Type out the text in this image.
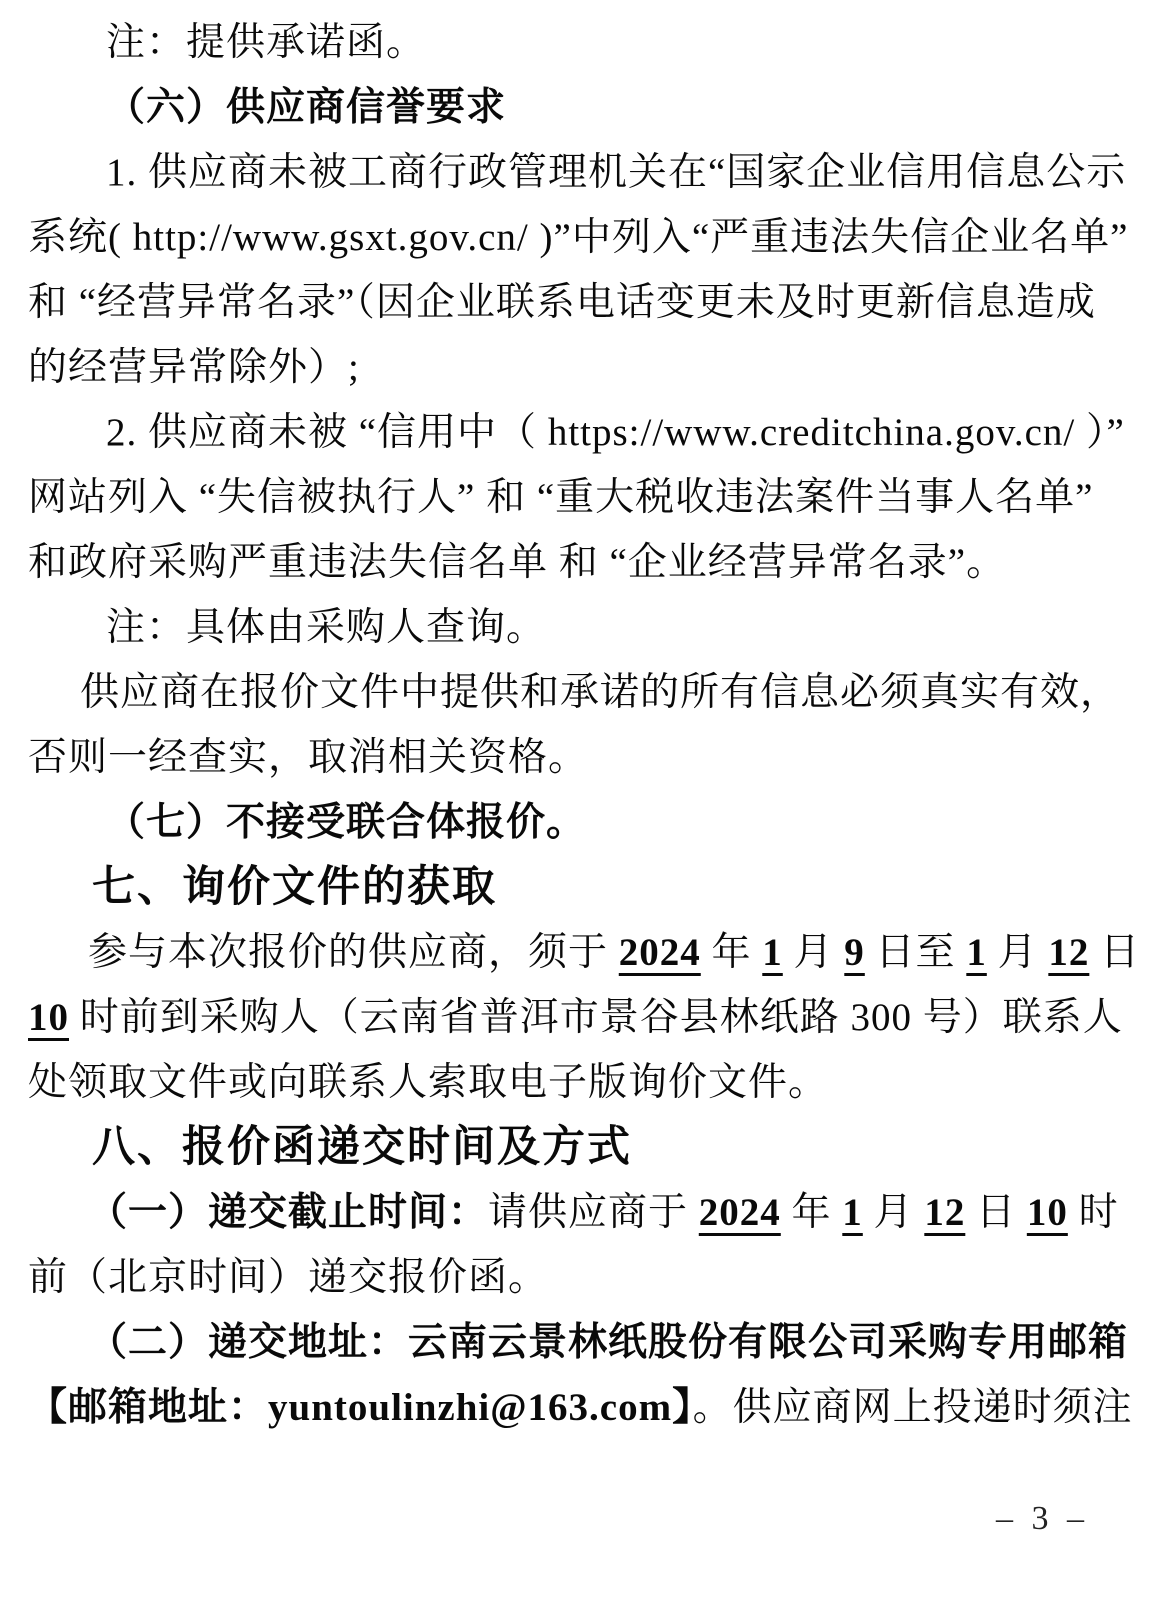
注：提供承诺函。
（六）供应商信誉要求
1. 供应商未被工商行政管理机关在“国家企业信用信息公示
系统( http://www.gsxt.gov.cn/ )”中列入“严重违法失信企业名单”
和 “经营异常名录”（因企业联系电话变更未及时更新信息造成
的经营异常除外）;
2. 供应商未被 “信用中（ https://www.creditchina.gov.cn/ ）”
网站列入 “失信被执行人” 和 “重大税收违法案件当事人名单”
和政府采购严重违法失信名单 和 “企业经营异常名录”。
注：具体由采购人查询。
供应商在报价文件中提供和承诺的所有信息必须真实有效，
否则一经查实，取消相关资格。
（七）不接受联合体报价。
七、询价文件的获取
参与本次报价的供应商，须于 2024 年 1 月 9 日至 1 月 12 日
10 时前到采购人（云南省普洱市景谷县林纸路 300 号）联系人
处领取文件或向联系人索取电子版询价文件。
八、报价函递交时间及方式
（一）递交截止时间：请供应商于 2024 年 1 月 12 日 10 时
前（北京时间）递交报价函。
（二）递交地址：云南云景林纸股份有限公司采购专用邮箱
【邮箱地址：yuntoulinzhi@163.com】。供应商网上投递时须注
– 3 –
